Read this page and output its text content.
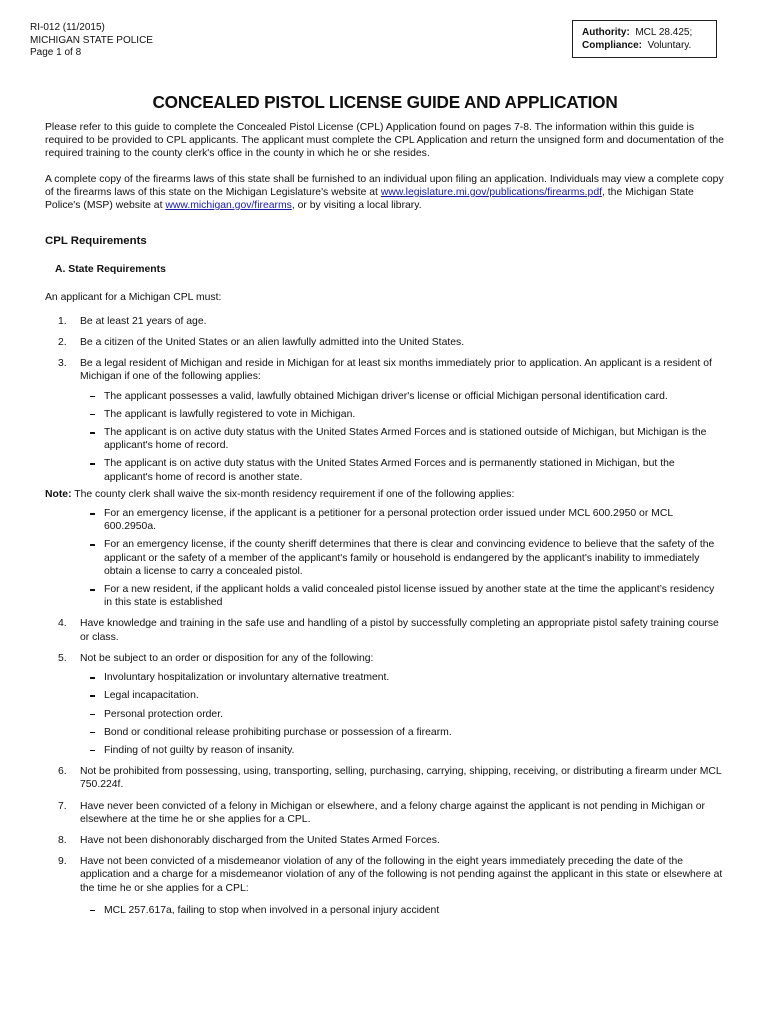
RI-012 (11/2015)
MICHIGAN STATE POLICE
Page 1 of 8
Authority: MCL 28.425;
Compliance: Voluntary.
CONCEALED PISTOL LICENSE GUIDE AND APPLICATION

Please refer to this guide to complete the Concealed Pistol License (CPL) Application found on pages 7-8. The information within this guide is required to be provided to CPL applicants. The applicant must complete the CPL Application and return the unsigned form and documentation of the required training to the county clerk's office in the county in which he or she resides.

A complete copy of the firearms laws of this state shall be furnished to an individual upon filing an application. Individuals may view a complete copy of the firearms laws of this state on the Michigan Legislature's website at www.legislature.mi.gov/publications/firearms.pdf, the Michigan State Police's (MSP) website at www.michigan.gov/firearms, or by visiting a local library.

CPL Requirements
A. State Requirements

An applicant for a Michigan CPL must:

1. Be at least 21 years of age.
2. Be a citizen of the United States or an alien lawfully admitted into the United States.
3. Be a legal resident of Michigan and reside in Michigan for at least six months immediately prior to application. An applicant is a resident of Michigan if one of the following applies:
The applicant possesses a valid, lawfully obtained Michigan driver's license or official Michigan personal identification card.
The applicant is lawfully registered to vote in Michigan.
The applicant is on active duty status with the United States Armed Forces and is stationed outside of Michigan, but Michigan is the applicant's home of record.
The applicant is on active duty status with the United States Armed Forces and is permanently stationed in Michigan, but the applicant's home of record is another state.

Note: The county clerk shall waive the six-month residency requirement if one of the following applies:

For an emergency license, if the applicant is a petitioner for a personal protection order issued under MCL 600.2950 or MCL 600.2950a.
For an emergency license, if the county sheriff determines that there is clear and convincing evidence to believe that the safety of the applicant or the safety of a member of the applicant's family or household is endangered by the applicant's inability to immediately obtain a license to carry a concealed pistol.
For a new resident, if the applicant holds a valid concealed pistol license issued by another state at the time the applicant’s residency in this state is established
4. Have knowledge and training in the safe use and handling of a pistol by successfully completing an appropriate pistol safety training course or class.
5. Not be subject to an order or disposition for any of the following:
Involuntary hospitalization or involuntary alternative treatment.
Legal incapacitation.
Personal protection order.
Bond or conditional release prohibiting purchase or possession of a firearm.
Finding of not guilty by reason of insanity.
6. Not be prohibited from possessing, using, transporting, selling, purchasing, carrying, shipping, receiving, or distributing a firearm under MCL 750.224f.
7. Have never been convicted of a felony in Michigan or elsewhere, and a felony charge against the applicant is not pending in Michigan or elsewhere at the time he or she applies for a CPL.
8. Have not been dishonorably discharged from the United States Armed Forces.
9. Have not been convicted of a misdemeanor violation of any of the following in the eight years immediately preceding the date of the application and a charge for a misdemeanor violation of any of the following is not pending against the applicant in this state or elsewhere at the time he or she applies for a CPL:
MCL 257.617a, failing to stop when involved in a personal injury accident
